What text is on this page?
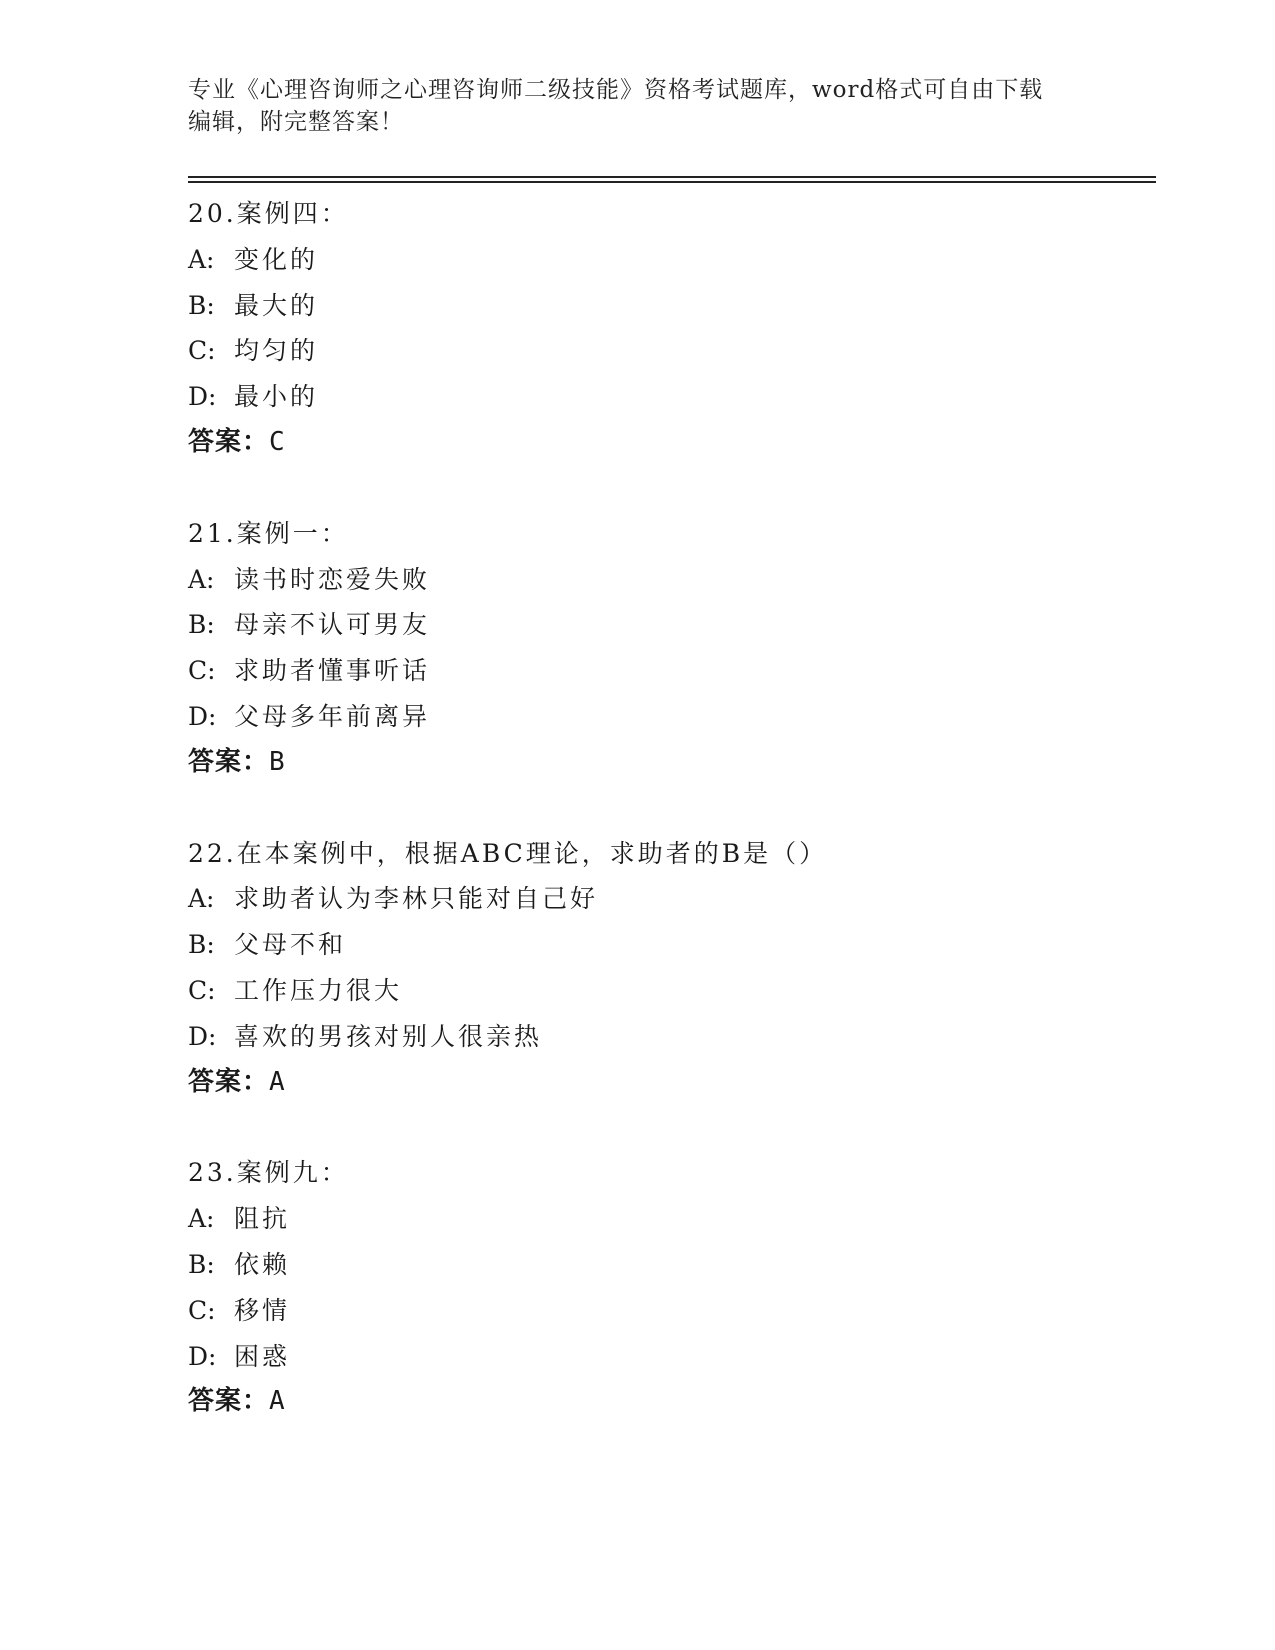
专业《心理咨询师之心理咨询师二级技能》资格考试题库，word格式可自由下载
编辑，附完整答案！
20.案例四：
A: 变化的
B: 最大的
C: 均匀的
D: 最小的
答案：C
21.案例一：
A: 读书时恋爱失败
B: 母亲不认可男友
C: 求助者懂事听话
D: 父母多年前离异
答案：B
22.在本案例中，根据ABC理论，求助者的B是（）
A: 求助者认为李林只能对自己好
B: 父母不和
C: 工作压力很大
D: 喜欢的男孩对别人很亲热
答案：A
23.案例九：
A: 阻抗
B: 依赖
C: 移情
D: 困惑
答案：A
